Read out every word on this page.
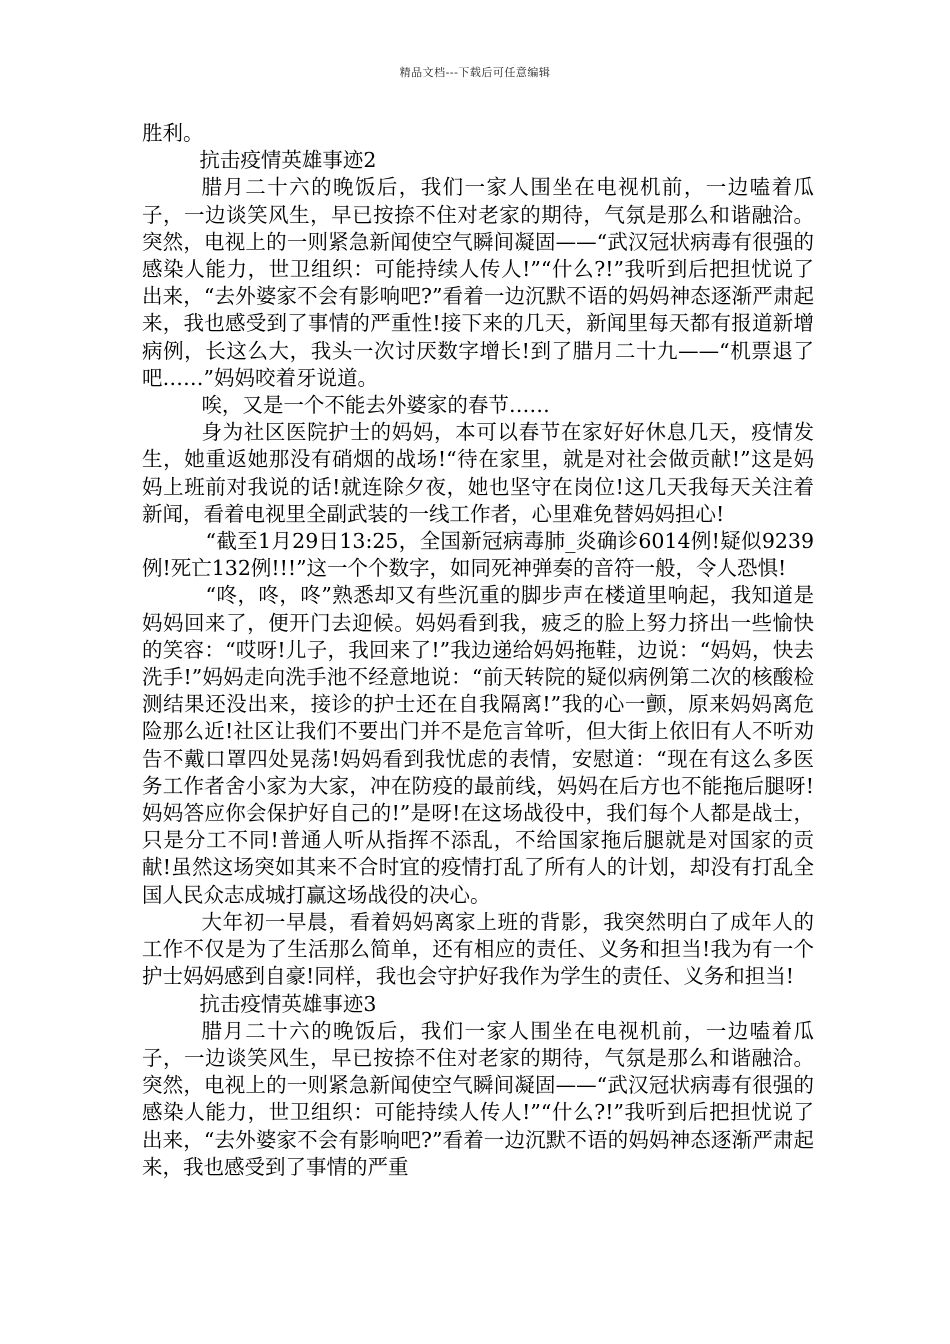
精品文档---下载后可任意编辑

胜利。

抗击疫情英雄事迹2

腊月二十六的晚饭后，我们一家人围坐在电视机前，一边嗑着瓜子，一边谈笑风生，早已按捺不住对老家的期待，气氛是那么和谐融洽。突然，电视上的一则紧急新闻使空气瞬间凝固——“武汉冠状病毒有很强的感染人能力，世卫组织：可能持续人传人!”“什么?!”我听到后把担忧说了出来，“去外婆家不会有影响吧?”看着一边沉默不语的妈妈神态逐渐严肃起来，我也感受到了事情的严重性!接下来的几天，新闻里每天都有报道新增病例，长这么大，我头一次讨厌数字增长!到了腊月二十九——“机票退了吧……”妈妈咬着牙说道。

唉，又是一个不能去外婆家的春节……

身为社区医院护士的妈妈，本可以春节在家好好休息几天，疫情发生，她重返她那没有硝烟的战场!“待在家里，就是对社会做贡献!”这是妈妈上班前对我说的话!就连除夕夜，她也坚守在岗位!这几天我每天关注着新闻，看着电视里全副武装的一线工作者，心里难免替妈妈担心!

“截至1月29日13:25，全国新冠病毒肺_炎确诊6014例!疑似9239例!死亡132例!!!”这一个个数字，如同死神弹奏的音符一般，令人恐惧!

“咚，咚，咚”熟悉却又有些沉重的脚步声在楼道里响起，我知道是妈妈回来了，便开门去迎候。妈妈看到我，疲乏的脸上努力挤出一些愉快的笑容：“哎呀!儿子，我回来了!”我边递给妈妈拖鞋，边说：“妈妈，快去洗手!”妈妈走向洗手池不经意地说：“前天转院的疑似病例第二次的核酸检测结果还没出来，接诊的护士还在自我隔离!”我的心一颤，原来妈妈离危险那么近!社区让我们不要出门并不是危言耸听，但大街上依旧有人不听劝告不戴口罩四处晃荡!妈妈看到我忧虑的表情，安慰道：“现在有这么多医务工作者舍小家为大家，冲在防疫的最前线，妈妈在后方也不能拖后腿呀!妈妈答应你会保护好自己的!”是呀!在这场战役中，我们每个人都是战士，只是分工不同!普通人听从指挥不添乱，不给国家拖后腿就是对国家的贡献!虽然这场突如其来不合时宜的疫情打乱了所有人的计划，却没有打乱全国人民众志成城打赢这场战役的决心。

大年初一早晨，看着妈妈离家上班的背影，我突然明白了成年人的工作不仅是为了生活那么简单，还有相应的责任、义务和担当!我为有一个护士妈妈感到自豪!同样，我也会守护好我作为学生的责任、义务和担当!

抗击疫情英雄事迹3

腊月二十六的晚饭后，我们一家人围坐在电视机前，一边嗑着瓜子，一边谈笑风生，早已按捺不住对老家的期待，气氛是那么和谐融洽。突然，电视上的一则紧急新闻使空气瞬间凝固——“武汉冠状病毒有很强的感染人能力，世卫组织：可能持续人传人!”“什么?!”我听到后把担忧说了出来，“去外婆家不会有影响吧?”看着一边沉默不语的妈妈神态逐渐严肃起来，我也感受到了事情的严重
